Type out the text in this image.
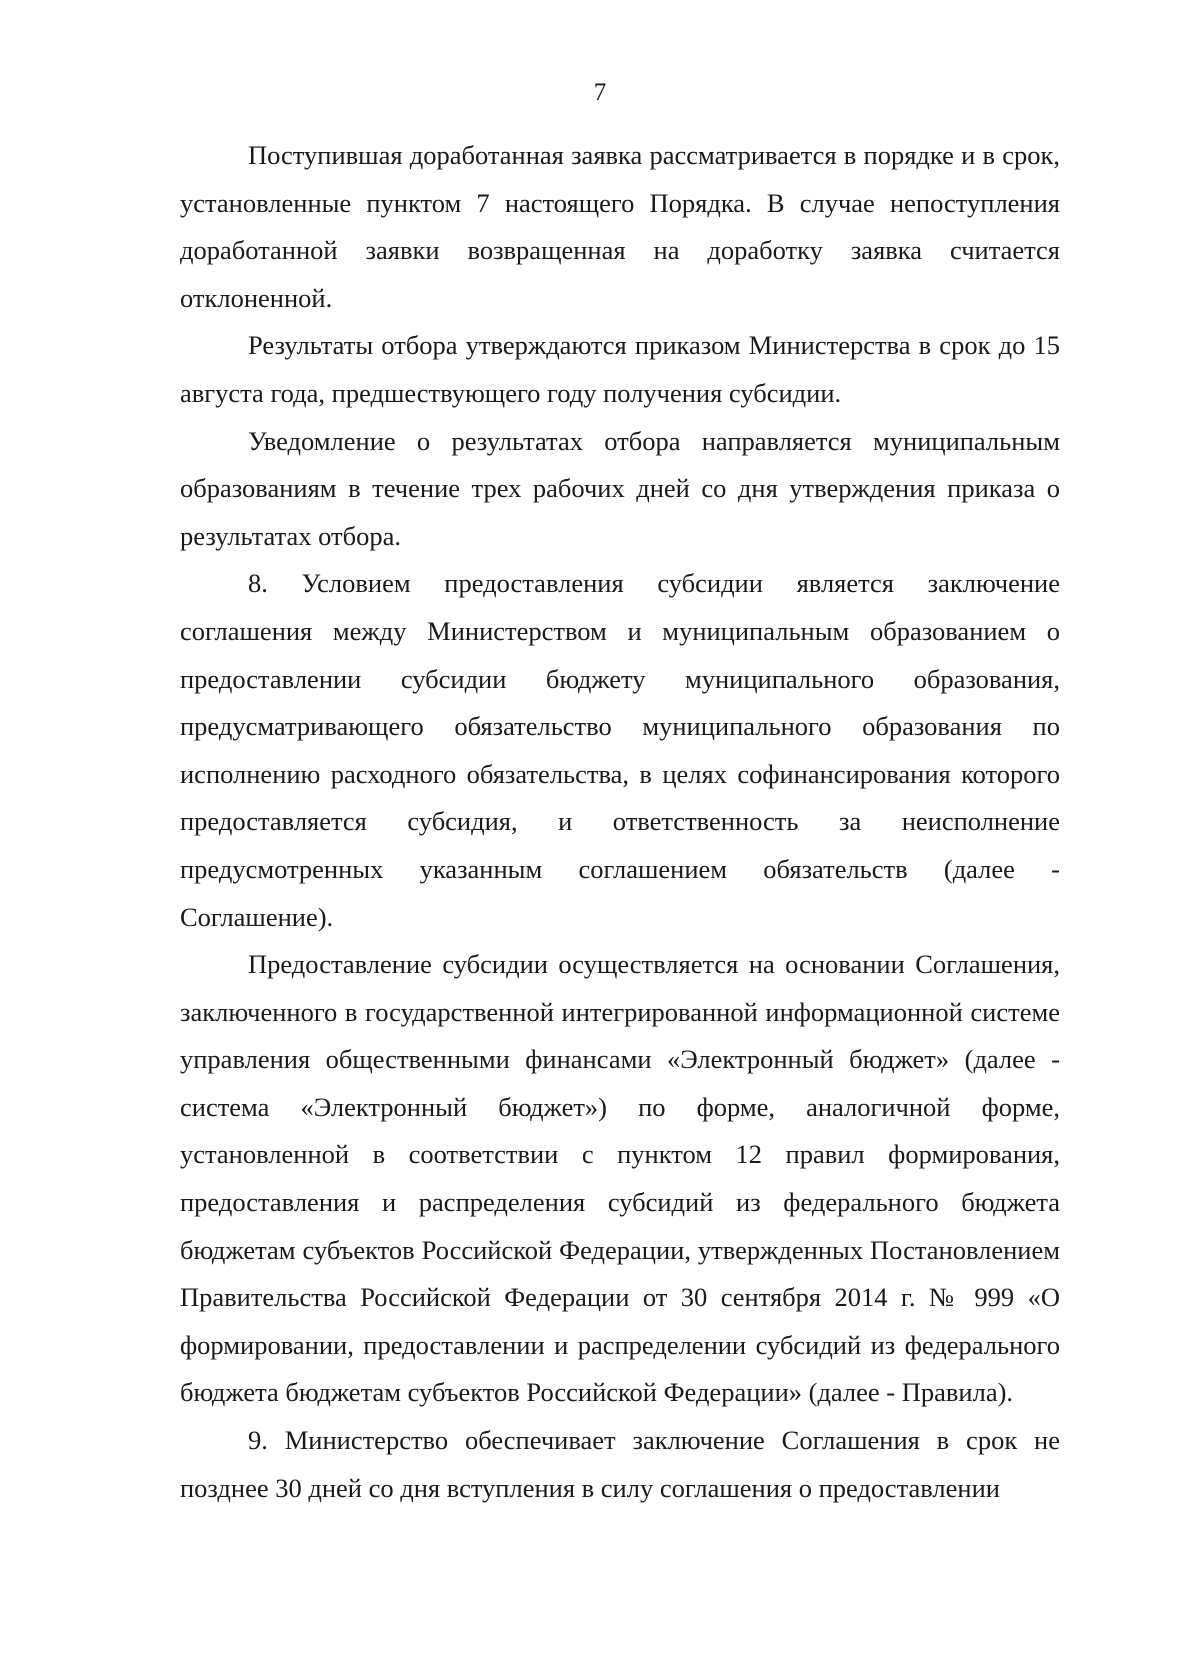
7

Поступившая доработанная заявка рассматривается в порядке и в срок, установленные пунктом 7 настоящего Порядка. В случае непоступления доработанной заявки возвращенная на доработку заявка считается отклоненной.

Результаты отбора утверждаются приказом Министерства в срок до 15 августа года, предшествующего году получения субсидии.

Уведомление о результатах отбора направляется муниципальным образованиям в течение трех рабочих дней со дня утверждения приказа о результатах отбора.

8. Условием предоставления субсидии является заключение соглашения между Министерством и муниципальным образованием о предоставлении субсидии бюджету муниципального образования, предусматривающего обязательство муниципального образования по исполнению расходного обязательства, в целях софинансирования которого предоставляется субсидия, и ответственность за неисполнение предусмотренных указанным соглашением обязательств (далее - Соглашение).

Предоставление субсидии осуществляется на основании Соглашения, заключенного в государственной интегрированной информационной системе управления общественными финансами «Электронный бюджет» (далее - система «Электронный бюджет») по форме, аналогичной форме, установленной в соответствии с пунктом 12 правил формирования, предоставления и распределения субсидий из федерального бюджета бюджетам субъектов Российской Федерации, утвержденных Постановлением Правительства Российской Федерации от 30 сентября 2014 г. № 999 «О формировании, предоставлении и распределении субсидий из федерального бюджета бюджетам субъектов Российской Федерации» (далее - Правила).

9. Министерство обеспечивает заключение Соглашения в срок не позднее 30 дней со дня вступления в силу соглашения о предоставлении
